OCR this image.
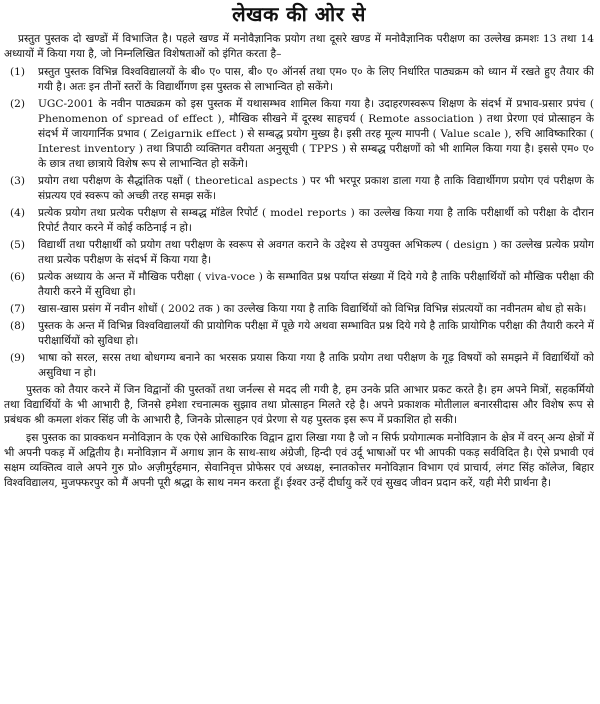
लेखक की ओर से

प्रस्तुत पुस्तक दो खण्डों में विभाजित है। पहले खण्ड में मनोवैज्ञानिक प्रयोग तथा दूसरे खण्ड में मनोवैज्ञानिक परीक्षण का उल्लेख क्रमशः 13 तथा 14 अध्यायों में किया गया है, जो निम्नलिखित विशेषताओं को इंगित करता है–

(1)	प्रस्तुत पुस्तक विभिन्न विश्वविद्यालयों के बी० ए० पास, बी० ए० ऑनर्स तथा एम० ए० के लिए निर्धारित पाठ्यक्रम को ध्यान में रखते हुए तैयार की गयी है। अतः इन तीनों स्तरों के विद्यार्थीगण इस पुस्तक से लाभान्वित हो सकेंगे।
(2)	UGC-2001 के नवीन पाठ्यक्रम को इस पुस्तक में यथासम्भव शामिल किया गया है। उदाहरणस्वरूप शिक्षण के संदर्भ में प्रभाव-प्रसार प्रपंच ( Phenomenon of spread of effect ), मौखिक सीखने में दूरस्थ साहचर्य ( Remote association ) तथा प्रेरणा एवं प्रोत्साहन के संदर्भ में जायगार्निक प्रभाव ( Zeigarnik effect ) से सम्बद्ध प्रयोग मुख्य है। इसी तरह मूल्य मापनी ( Value scale ), रुचि आविष्कारिका ( Interest inventory ) तथा त्रिपाठी व्यक्तिगत वरीयता अनुसूची ( TPPS ) से सम्बद्ध परीक्षणों को भी शामिल किया गया है। इससे एम० ए० के छात्र तथा छात्राये विशेष रूप से लाभान्वित हो सकेंगे।
(3)	प्रयोग तथा परीक्षण के सैद्धांतिक पक्षों ( theoretical aspects ) पर भी भरपूर प्रकाश डाला गया है ताकि विद्यार्थीगण प्रयोग एवं परीक्षण के संप्रत्यय एवं स्वरूप को अच्छी तरह समझ सकें।
(4)	प्रत्येक प्रयोग तथा प्रत्येक परीक्षण से सम्बद्ध मॉडेल रिपोर्ट ( model reports ) का उल्लेख किया गया है ताकि परीक्षार्थी को परीक्षा के दौरान रिपोर्ट तैयार करने में कोई कठिनाई न हो।
(5)	विद्यार्थी तथा परीक्षार्थी को प्रयोग तथा परीक्षण के स्वरूप से अवगत कराने के उद्देश्य से उपयुक्त अभिकल्प ( design ) का उल्लेख प्रत्येक प्रयोग तथा प्रत्येक परीक्षण के संदर्भ में किया गया है।
(6)	प्रत्येक अध्याय के अन्त में मौखिक परीक्षा ( viva-voce ) के सम्भावित प्रश्न पर्याप्त संख्या में दिये गये है ताकि परीक्षार्थियों को मौखिक परीक्षा की तैयारी करने में सुविधा हो।
(7)	खास-खास प्रसंग में नवीन शोधों ( 2002 तक ) का उल्लेख किया गया है ताकि विद्यार्थियों को विभिन्न विभिन्न संप्रत्ययों का नवीनतम बोध हो सके।
(8)	पुस्तक के अन्त में विभिन्न विश्वविद्यालयों की प्रायोगिक परीक्षा में पूछे गये अथवा सम्भावित प्रश्न दिये गये है ताकि प्रायोगिक परीक्षा की तैयारी करने में परीक्षार्थियों को सुविधा हो।
(9)	भाषा को सरल, सरस तथा बोधगम्य बनाने का भरसक प्रयास किया गया है ताकि प्रयोग तथा परीक्षण के गूढ़ विषयों को समझने में विद्यार्थियों को असुविधा न हो।

पुस्तक को तैयार करने में जिन विद्वानों की पुस्तकों तथा जर्नल्स से मदद ली गयी है, हम उनके प्रति आभार प्रकट करते है। हम अपने मित्रों, सहकर्मियो तथा विद्यार्थियों के भी आभारी है, जिनसे हमेशा रचनात्मक सुझाव तथा प्रोत्साहन मिलते रहे है। अपने प्रकाशक मोतीलाल बनारसीदास और विशेष रूप से प्रबंधक श्री कमला शंकर सिंह जी के आभारी है, जिनके प्रोत्साहन एवं प्रेरणा से यह पुस्तक इस रूप में प्रकाशित हो सकी।

इस पुस्तक का प्राक्कथन मनोविज्ञान के एक ऐसे आधिकारिक विद्वान द्वारा लिखा गया है जो न सिर्फ प्रयोगात्मक मनोविज्ञान के क्षेत्र में वरन् अन्य क्षेत्रों में भी अपनी पकड़ में अद्वितीय है। मनोविज्ञान में अगाध ज्ञान के साथ-साथ अंग्रेजी, हिन्दी एवं उर्दू भाषाओं पर भी आपकी पकड़ सर्वविदित है। ऐसे प्रभावी एवं सक्षम व्यक्तित्व वाले अपने गुरु प्रो० अज़ीमुर्रहमान, सेवानिवृत्त प्रोफेसर एवं अध्यक्ष, स्नातकोत्तर मनोविज्ञान विभाग एवं प्राचार्य, लंगट सिंह कॉलेज, बिहार विश्वविद्यालय, मुजफ्फरपुर को मैं अपनी पूरी श्रद्धा के साथ नमन करता हूँ। ईश्वर उन्हें दीर्घायु करें एवं सुखद जीवन प्रदान करें, यही मेरी प्रार्थना है।
